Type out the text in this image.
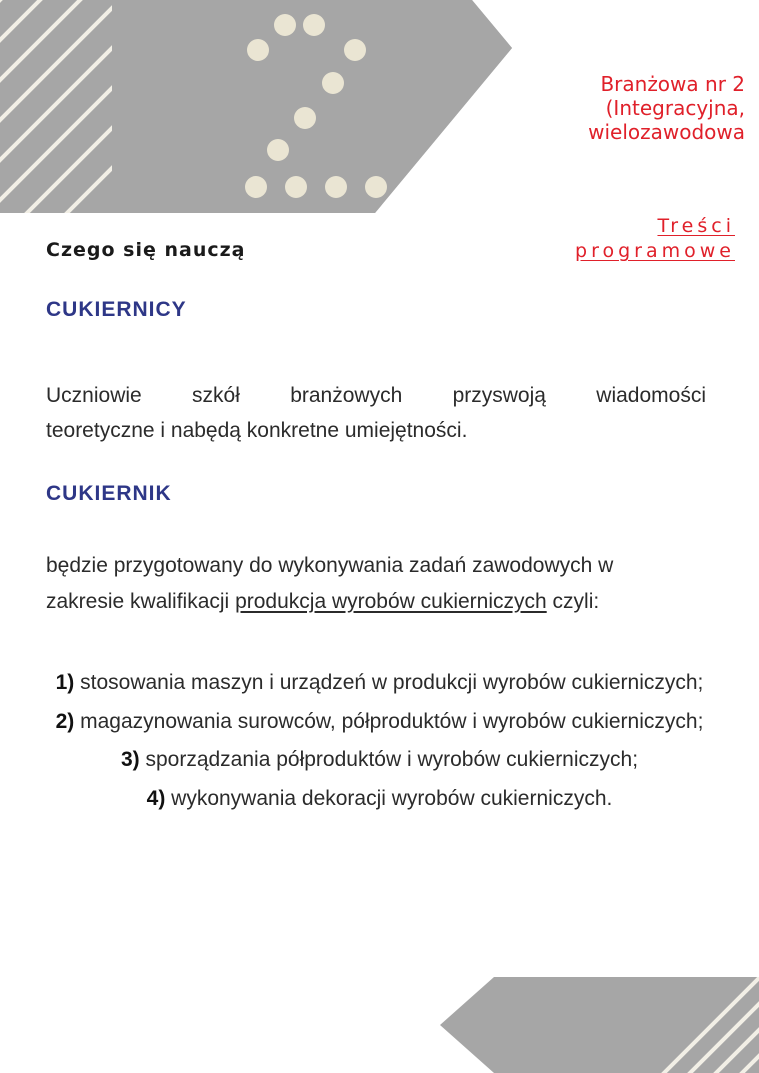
Branżowa nr 2
(Integracyjna,
wielozawodowa
Treści
programowe
Czego się nauczą
CUKIERNICY
Uczniowie szkół branżowych przyswoją wiadomości
teoretyczne i nabędą konkretne umiejętności.
CUKIERNIK
będzie przygotowany do wykonywania zadań zawodowych w
zakresie kwalifikacji produkcja wyrobów cukierniczych czyli:
1) stosowania maszyn i urządzeń w produkcji wyrobów cukierniczych;
2) magazynowania surowców, półproduktów i wyrobów cukierniczych;
3) sporządzania półproduktów i wyrobów cukierniczych;
4) wykonywania dekoracji wyrobów cukierniczych.
